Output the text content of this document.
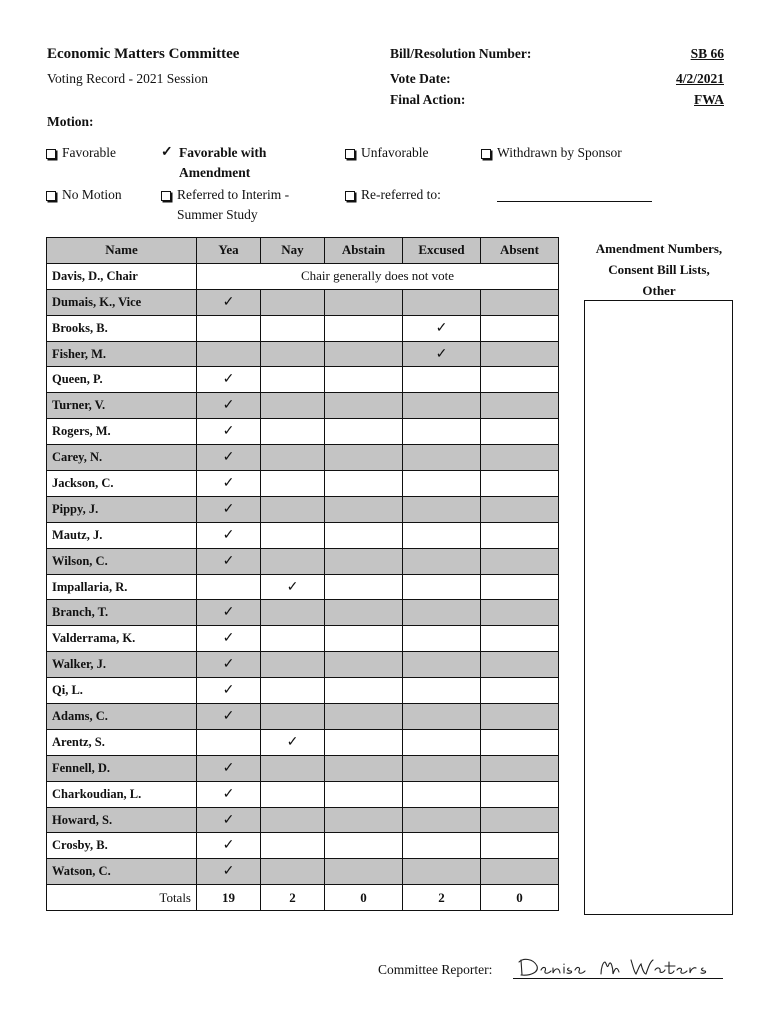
Economic Matters Committee
Voting Record - 2021 Session
Bill/Resolution Number:	SB 66
Vote Date:	4/2/2021
Final Action:	FWA
Motion:
Favorable	✓ Favorable with
Amendment
Unfavorable	Withdrawn by Sponsor
No Motion	Referred to Interim -
Summer Study
Re-referred to:
Name	Yea	Nay	Abstain	Excused	Absent
Davis, D., Chair	Chair generally does not vote				
Dumais, K., Vice	✓				
Brooks, B.				✓	
Fisher, M.				✓	
Queen, P.	✓				
Turner, V.	✓				
Rogers, M.	✓				
Carey, N.	✓				
Jackson, C.	✓				
Pippy, J.	✓				
Mautz, J.	✓				
Wilson, C.	✓				
Impallaria, R.		✓			
Branch, T.	✓				
Valderrama, K.	✓				
Walker, J.	✓				
Qi, L.	✓				
Adams, C.	✓				
Arentz, S.		✓			
Fennell, D.	✓				
Charkoudian, L.	✓				
Howard, S.	✓				
Crosby, B.	✓				
Watson, C.	✓				
Totals	19	2	0	2	0
Amendment Numbers,
Consent Bill Lists,
Other
Committee Reporter:
